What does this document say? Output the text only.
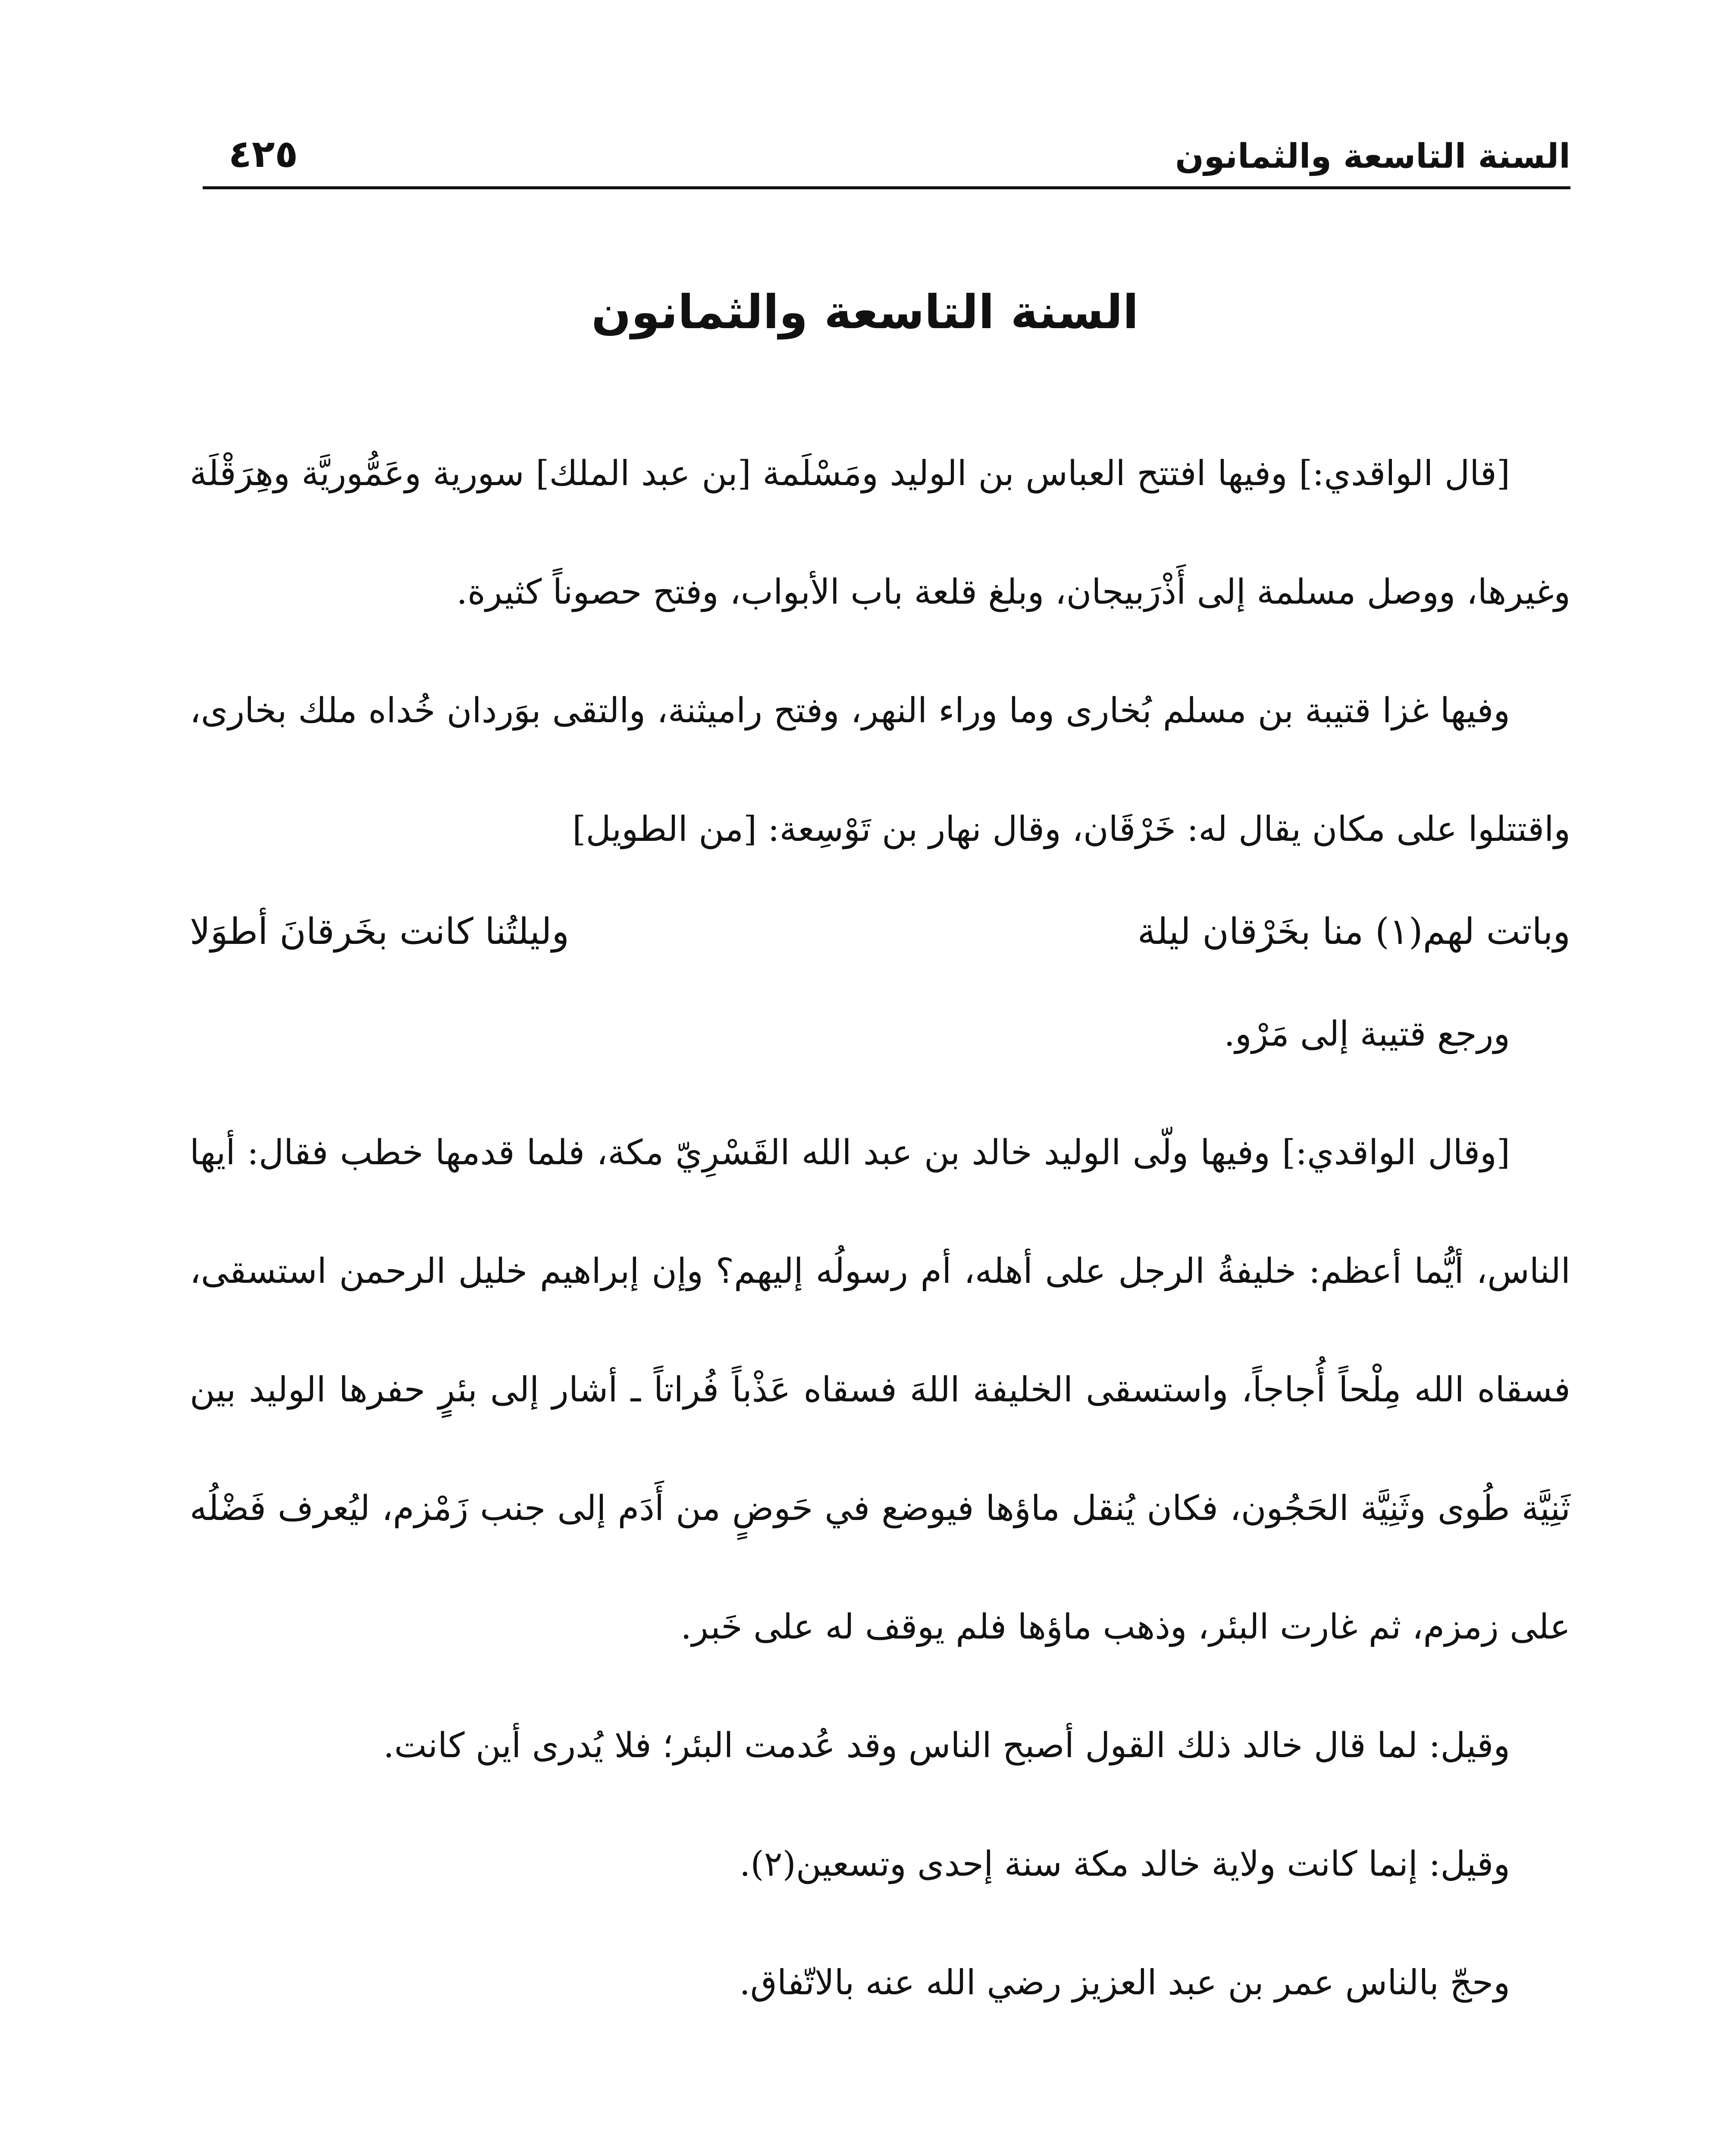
السنة التاسعة والثمانون
٤٢٥
السنة التاسعة والثمانون

[قال الواقدي:] وفيها افتتح العباس بن الوليد ومَسْلَمة [بن عبد الملك] سورية وعَمُّوريَّة وهِرَقْلَة وغيرها، ووصل مسلمة إلى أَذْرَبيجان، وبلغ قلعة باب الأبواب، وفتح حصوناً كثيرة.

وفيها غزا قتيبة بن مسلم بُخارى وما وراء النهر، وفتح راميثنة، والتقى بوَردان خُداه ملك بخارى، واقتتلوا على مكان يقال له: خَرْقَان، وقال نهار بن تَوْسِعة: [من الطويل]

وباتت لهم(١) منا بخَرْقان ليلة
وليلتُنا كانت بخَرقانَ أطوَلا

ورجع قتيبة إلى مَرْو.

[وقال الواقدي:] وفيها ولّى الوليد خالد بن عبد الله القَسْرِيّ مكة، فلما قدمها خطب فقال: أيها الناس، أيُّما أعظم: خليفةُ الرجل على أهله، أم رسولُه إليهم؟ وإن إبراهيم خليل الرحمن استسقى، فسقاه الله مِلْحاً أُجاجاً، واستسقى الخليفة اللهَ فسقاه عَذْباً فُراتاً ـ أشار إلى بئرٍ حفرها الوليد بين ثَنِيَّة طُوى وثَنِيَّة الحَجُون، فكان يُنقل ماؤها فيوضع في حَوضٍ من أَدَم إلى جنب زَمْزم، ليُعرف فَضْلُه على زمزم، ثم غارت البئر، وذهب ماؤها فلم يوقف له على خَبر.

وقيل: لما قال خالد ذلك القول أصبح الناس وقد عُدمت البئر؛ فلا يُدرى أين كانت.

وقيل: إنما كانت ولاية خالد مكة سنة إحدى وتسعين(٢).

وحجّ بالناس عمر بن عبد العزيز رضي الله عنه بالاتّفاق.
